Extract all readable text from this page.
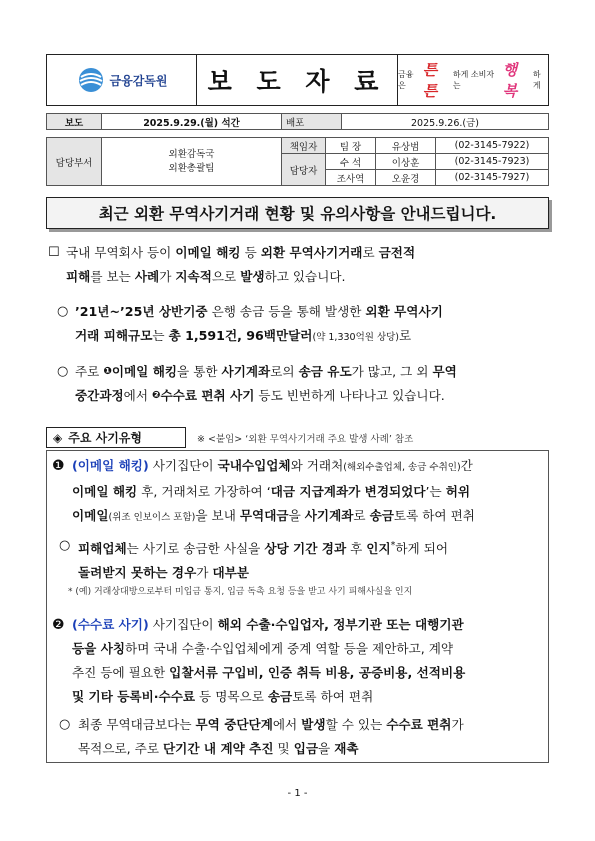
금융감독원	보 도 자 료	금융은
튼튼
하게 소비자는
행복
하게
보도	2025.9.29.(월) 석간	배포	2025.9.26.(금)
담당부서	외환감독국
외환총괄팀	책임자	팀 장	유상범	(02-3145-7922)
		담당자	수 석	이상훈	(02-3145-7923)
			조사역	오윤경	(02-3145-7927)
최근 외환 무역사기거래 현황 및 유의사항을 안내드립니다.
☐ 국내 무역회사 등이 이메일 해킹 등 외환 무역사기거래로 금전적
피해를 보는 사례가 지속적으로 발생하고 있습니다.
○ ’21년~’25년 상반기중 은행 송금 등을 통해 발생한 외환 무역사기
거래 피해규모는 총 1,591건, 96백만달러(약 1,330억원 상당)로
○ 주로 $^❶$이메일 해킹을 통한 사기계좌로의 송금 유도가 많고, 그 외 무역
중간과정에서 $^❷$수수료 편취 사기 등도 빈번하게 나타나고 있습니다.
◈ 주요 사기유형	※ <붙임> ‘외환 무역사기거래 주요 발생 사례’ 참조
❶ (이메일 해킹) 사기집단이 국내수입업체와 거래처(해외수출업체, 송금 수취인)간
이메일 해킹 후, 거래처로 가장하여 ‘대금 지급계좌가 변경되었다’는 허위
이메일(위조 인보이스 포함)을 보내 무역대금을 사기계좌로 송금토록 하여 편취
○ 피해업체는 사기로 송금한 사실을 상당 기간 경과 후 인지*하게 되어
돌려받지 못하는 경우가 대부분
* (예) 거래상대방으로부터 미입금 통지, 입금 독촉 요청 등을 받고 사기 피해사실을 인지
❷ (수수료 사기) 사기집단이 해외 수출·수입업자, 정부기관 또는 대행기관
등을 사칭하며 국내 수출·수입업체에게 중계 역할 등을 제안하고, 계약
추진 등에 필요한 입찰서류 구입비, 인증 취득 비용, 공증비용, 선적비용
및 기타 등록비·수수료 등 명목으로 송금토록 하여 편취
○ 최종 무역대금보다는 무역 중단단계에서 발생할 수 있는 수수료 편취가
목적으로, 주로 단기간 내 계약 추진 및 입금을 재촉
- 1 -
